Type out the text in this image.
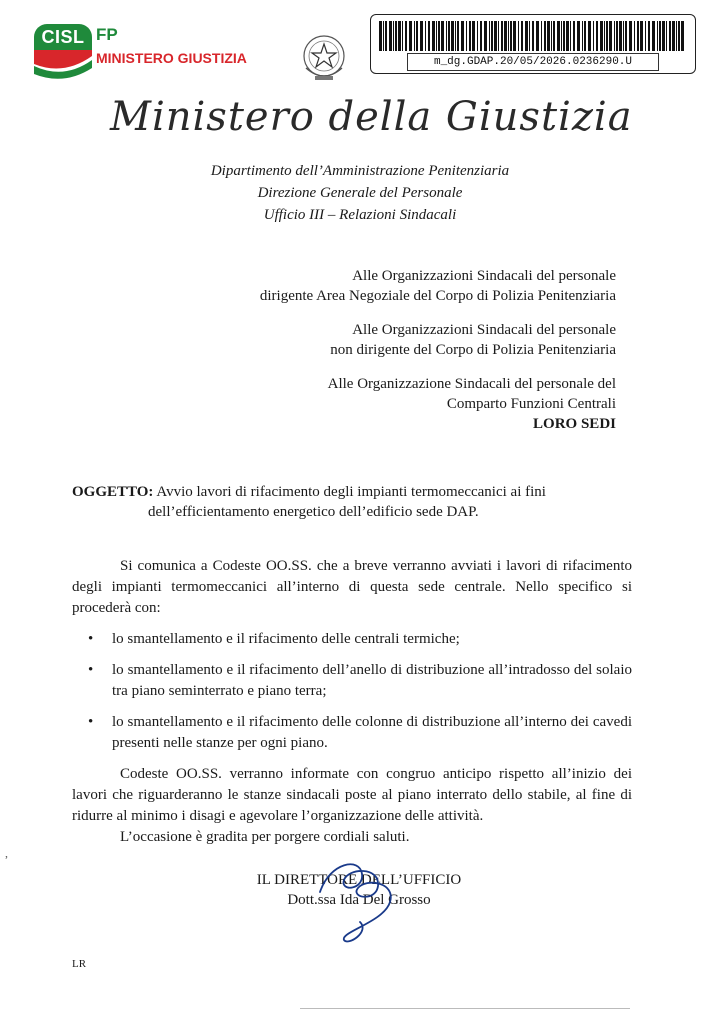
CISL FP
MINISTERO GIUSTIZIA	m_dg.GDAP.20/05/2026.0236290.U
Ministero della Giustizia
Dipartimento dell’Amministrazione Penitenziaria
Direzione Generale del Personale
Ufficio III – Relazioni Sindacali
Alle Organizzazioni Sindacali del personale
dirigente Area Negoziale del Corpo di Polizia Penitenziaria
Alle Organizzazioni Sindacali del personale
non dirigente del Corpo di Polizia Penitenziaria
Alle Organizzazione Sindacali del personale del
Comparto Funzioni Centrali
LORO SEDI
OGGETTO: Avvio lavori di rifacimento degli impianti termomeccanici ai fini
dell’efficientamento energetico dell’edificio sede DAP.

Si comunica a Codeste OO.SS. che a breve verranno avviati i lavori di rifacimento degli impianti termomeccanici all’interno di questa sede centrale. Nello specifico si procederà con:

• lo smantellamento e il rifacimento delle centrali termiche;
• lo smantellamento e il rifacimento dell’anello di distribuzione all’intradosso del solaio tra piano seminterrato e piano terra;
• lo smantellamento e il rifacimento delle colonne di distribuzione all’interno dei cavedi presenti nelle stanze per ogni piano.

Codeste OO.SS. verranno informate con congruo anticipo rispetto all’inizio dei lavori che riguarderanno le stanze sindacali poste al piano interrato dello stabile, al fine di ridurre al minimo i disagi e agevolare l’organizzazione delle attività.

L’occasione è gradita per porgere cordiali saluti.

IL DIRETTORE DELL’UFFICIO
Dott.ssa Ida Del Grosso
LR
,
